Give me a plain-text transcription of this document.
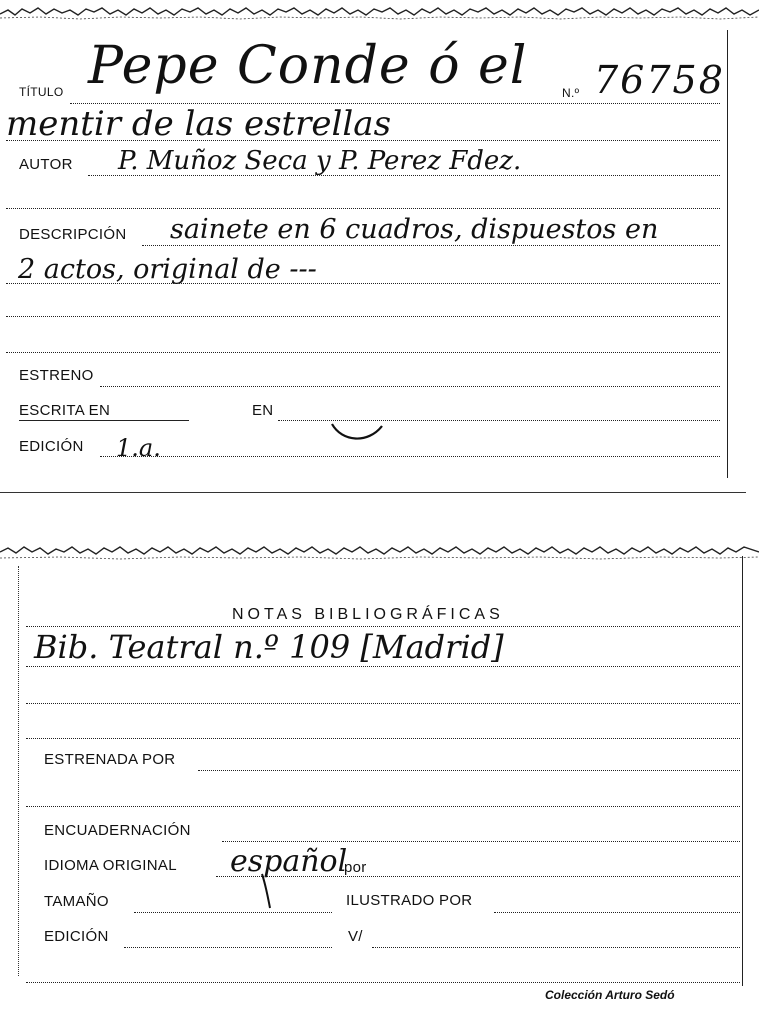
TÍTULO Pepe Conde ó el	N.º 76758
mentir de las estrellas
AUTOR P. Muñoz Seca y P. Perez Fdez.
DESCRIPCIÓN sainete en 6 cuadros, dispuestos en
2 actos, original de ---
ESTRENO
ESCRITA EN	EN
EDICIÓN 1.a.
NOTAS BIBLIOGRÁFICAS
Bib. Teatral n.º 109 [Madrid]
ESTRENADA POR
ENCUADERNACIÓN
IDIOMA ORIGINAL español
por
TAMAÑO	ILUSTRADO POR
EDICIÓN	V/
Colección Arturo Sedó
